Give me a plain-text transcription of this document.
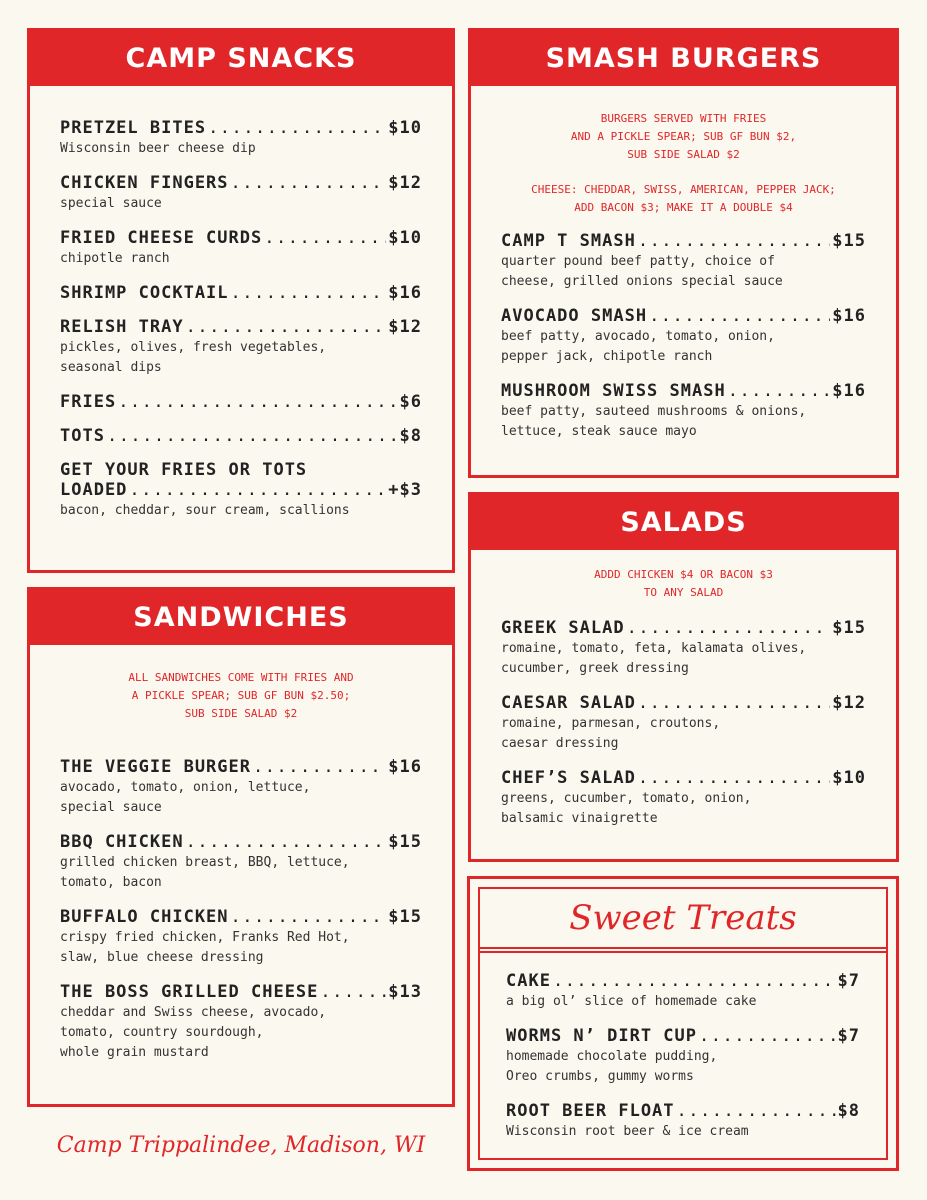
CAMP SNACKS
PRETZEL BITES .....	$10
Wisconsin beer cheese dip
CHICKEN FINGERS .....	$12
special sauce
FRIED CHEESE CURDS .....	$10
chipotle ranch
SHRIMP COCKTAIL .....	$16
RELISH TRAY .....	$12
pickles, olives, fresh vegetables,
seasonal dips
FRIES .....	$6
TOTS .....	$8
GET YOUR FRIES OR TOTS
LOADED .....	+$3
bacon, cheddar, sour cream, scallions
SANDWICHES
ALL SANDWICHES COME WITH FRIES AND
A PICKLE SPEAR; SUB GF BUN $2.50;
SUB SIDE SALAD $2
THE VEGGIE BURGER .....	$16
avocado, tomato, onion, lettuce,
special sauce
BBQ CHICKEN .....	$15
grilled chicken breast, BBQ, lettuce,
tomato, bacon
BUFFALO CHICKEN .....	$15
crispy fried chicken, Franks Red Hot,
slaw, blue cheese dressing
THE BOSS GRILLED CHEESE .....	$13
cheddar and Swiss cheese, avocado,
tomato, country sourdough,
whole grain mustard
SMASH BURGERS
BURGERS SERVED WITH FRIES
AND A PICKLE SPEAR; SUB GF BUN $2,
SUB SIDE SALAD $2
CHEESE: CHEDDAR, SWISS, AMERICAN, PEPPER JACK;
ADD BACON $3; MAKE IT A DOUBLE $4
CAMP T SMASH .....	$15
quarter pound beef patty, choice of
cheese, grilled onions special sauce
AVOCADO SMASH .....	$16
beef patty, avocado, tomato, onion,
pepper jack, chipotle ranch
MUSHROOM SWISS SMASH .....	$16
beef patty, sauteed mushrooms & onions,
lettuce, steak sauce mayo
SALADS
ADDD CHICKEN $4 OR BACON $3
TO ANY SALAD
GREEK SALAD .....	$15
romaine, tomato, feta, kalamata olives,
cucumber, greek dressing
CAESAR SALAD .....	$12
romaine, parmesan, croutons,
caesar dressing
CHEF’S SALAD .....	$10
greens, cucumber, tomato, onion,
balsamic vinaigrette
Sweet Treats
CAKE .....	$7
a big ol’ slice of homemade cake
WORMS N’ DIRT CUP .....	$7
homemade chocolate pudding,
Oreo crumbs, gummy worms
ROOT BEER FLOAT .....	$8
Wisconsin root beer & ice cream
Camp Trippalindee, Madison, WI
